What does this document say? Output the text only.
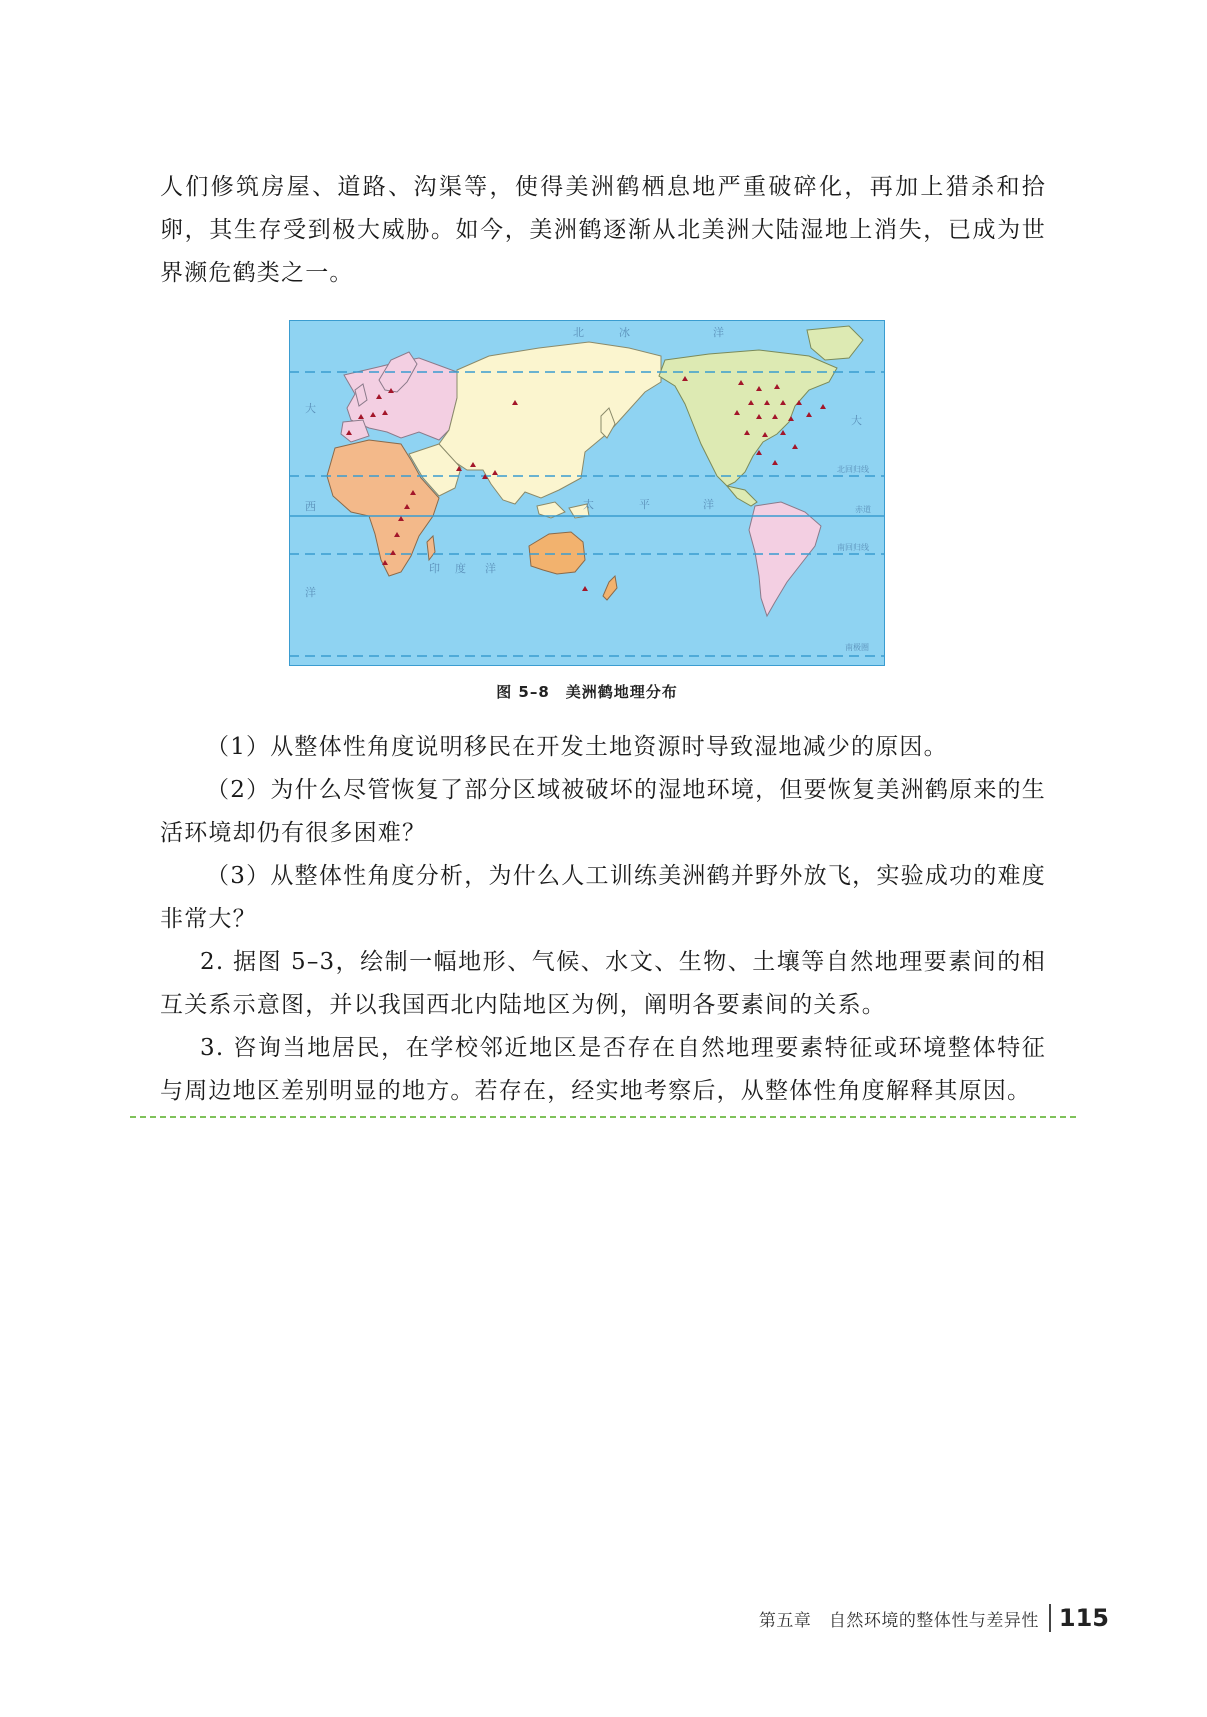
人们修筑房屋、道路、沟渠等，使得美洲鹤栖息地严重破碎化，再加上猎杀和拾卵，其生存受到极大威胁。如今，美洲鹤逐渐从北美洲大陆湿地上消失，已成为世界濒危鹤类之一。

北	冰	洋
大
西
洋
大
太	平	洋
印 度 洋
北回归线
赤道
南回归线
南极圈
图 5–8　美洲鹤地理分布

（1）从整体性角度说明移民在开发土地资源时导致湿地减少的原因。

（2）为什么尽管恢复了部分区域被破坏的湿地环境，但要恢复美洲鹤原来的生活环境却仍有很多困难？

（3）从整体性角度分析，为什么人工训练美洲鹤并野外放飞，实验成功的难度非常大？

2. 据图 5–3，绘制一幅地形、气候、水文、生物、土壤等自然地理要素间的相互关系示意图，并以我国西北内陆地区为例，阐明各要素间的关系。

3. 咨询当地居民，在学校邻近地区是否存在自然地理要素特征或环境整体特征与周边地区差别明显的地方。若存在，经实地考察后，从整体性角度解释其原因。

第五章　自然环境的整体性与差异性 115
